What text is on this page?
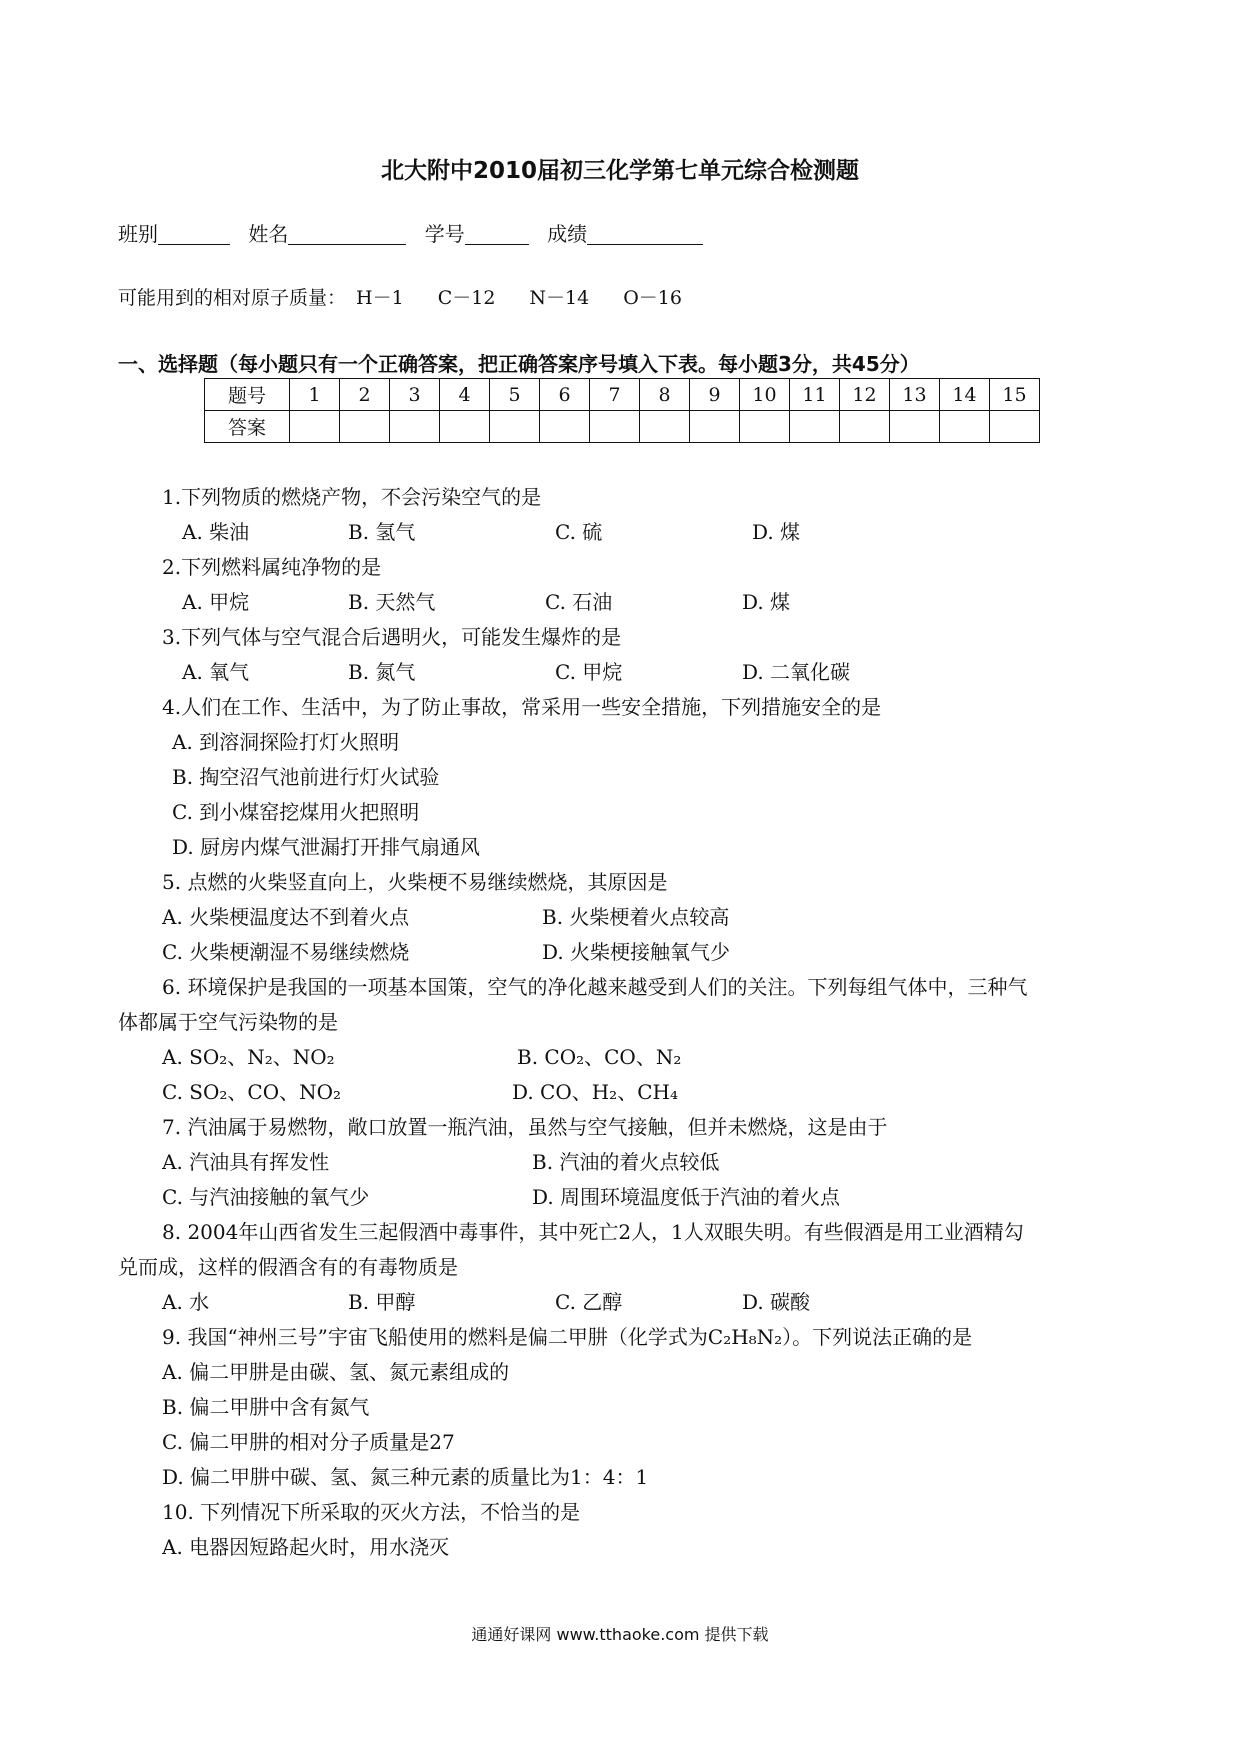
北大附中2010届初三化学第七单元综合检测题
班别	姓名	学号	成绩
可能用到的相对原子质量： H－1 C－12 N－14 O－16
一、选择题（每小题只有一个正确答案，把正确答案序号填入下表。每小题3分，共45分）
题号	1	2	3	4	5	6	7	8	9	10	11	12	13	14	15
答案															
1.下列物质的燃烧产物，不会污染空气的是
A. 柴油	B. 氢气	C. 硫	D. 煤
2.下列燃料属纯净物的是
A. 甲烷	B. 天然气	C. 石油	D. 煤
3.下列气体与空气混合后遇明火，可能发生爆炸的是
A. 氧气	B. 氮气	C. 甲烷	D. 二氧化碳
4.人们在工作、生活中，为了防止事故，常采用一些安全措施，下列措施安全的是
A. 到溶洞探险打灯火照明
B. 掏空沼气池前进行灯火试验
C. 到小煤窑挖煤用火把照明
D. 厨房内煤气泄漏打开排气扇通风
5. 点燃的火柴竖直向上，火柴梗不易继续燃烧，其原因是
A. 火柴梗温度达不到着火点	B. 火柴梗着火点较高
C. 火柴梗潮湿不易继续燃烧	D. 火柴梗接触氧气少
6. 环境保护是我国的一项基本国策，空气的净化越来越受到人们的关注。下列每组气体中，三种气
体都属于空气污染物的是
A. SO₂、N₂、NO₂	B. CO₂、CO、N₂
C. SO₂、CO、NO₂	D. CO、H₂、CH₄
7. 汽油属于易燃物，敞口放置一瓶汽油，虽然与空气接触，但并未燃烧，这是由于
A. 汽油具有挥发性	B. 汽油的着火点较低
C. 与汽油接触的氧气少	D. 周围环境温度低于汽油的着火点
8. 2004年山西省发生三起假酒中毒事件，其中死亡2人，1人双眼失明。有些假酒是用工业酒精勾
兑而成，这样的假酒含有的有毒物质是
A. 水	B. 甲醇	C. 乙醇	D. 碳酸
9. 我国“神州三号”宇宙飞船使用的燃料是偏二甲肼（化学式为C₂H₈N₂）。下列说法正确的是
A. 偏二甲肼是由碳、氢、氮元素组成的
B. 偏二甲肼中含有氮气
C. 偏二甲肼的相对分子质量是27
D. 偏二甲肼中碳、氢、氮三种元素的质量比为1：4：1
10. 下列情况下所采取的灭火方法，不恰当的是
A. 电器因短路起火时，用水浇灭
通通好课网 www.tthaoke.com 提供下载
